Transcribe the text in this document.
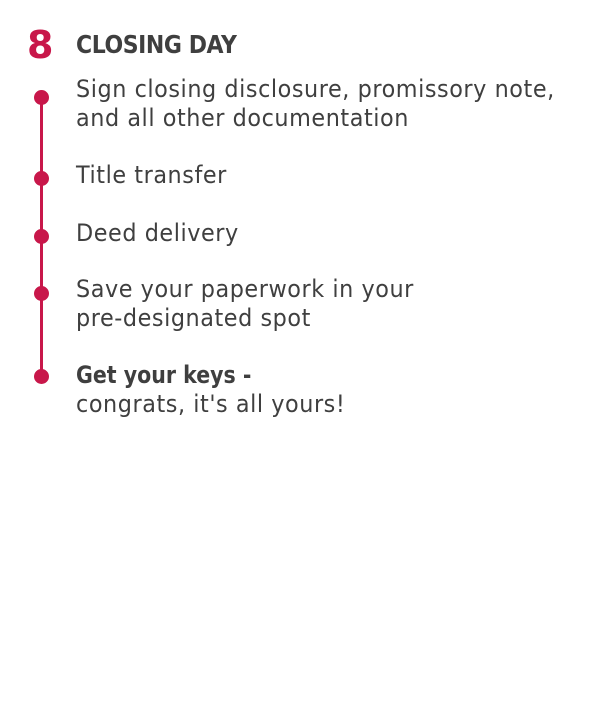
8 CLOSING DAY
Sign closing disclosure, promissory note,
and all other documentation
Title transfer
Deed delivery
Save your paperwork in your
pre-designated spot
Get your keys -
congrats, it's all yours!
